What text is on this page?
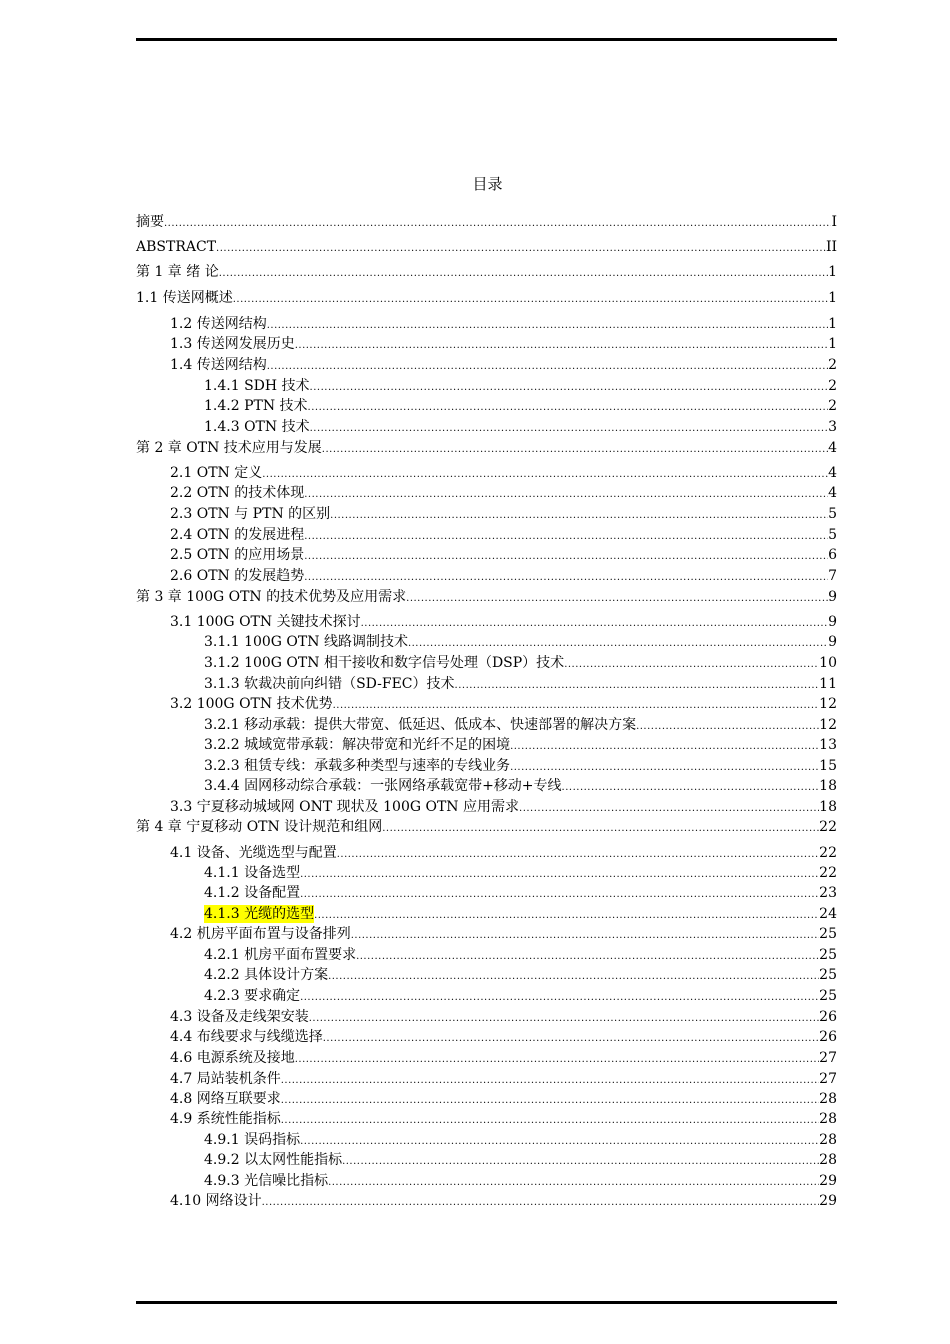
目录
摘要 .....	I
ABSTRACT .....	II
第 1 章 绪 论 .....	1
1.1 传送网概述 .....	1
1.2 传送网结构 .....	1
1.3 传送网发展历史 .....	1
1.4 传送网结构 .....	2
1.4.1 SDH 技术 .....	2
1.4.2 PTN 技术 .....	2
1.4.3 OTN 技术 .....	3
第 2 章 OTN 技术应用与发展 .....	4
2.1 OTN 定义 .....	4
2.2 OTN 的技术体现 .....	4
2.3 OTN 与 PTN 的区别 .....	5
2.4 OTN 的发展进程 .....	5
2.5 OTN 的应用场景 .....	6
2.6 OTN 的发展趋势 .....	7
第 3 章 100G OTN 的技术优势及应用需求 .....	9
3.1 100G OTN 关键技术探讨 .....	9
3.1.1 100G OTN 线路调制技术 .....	9
3.1.2 100G OTN 相干接收和数字信号处理（DSP）技术 .....	10
3.1.3 软裁决前向纠错（SD-FEC）技术 .....	11
3.2 100G OTN 技术优势 .....	12
3.2.1 移动承载：提供大带宽、低延迟、低成本、快速部署的解决方案 .....	12
3.2.2 城域宽带承载：解决带宽和光纤不足的困境 .....	13
3.2.3 租赁专线：承载多种类型与速率的专线业务 .....	15
3.4.4 固网移动综合承载：一张网络承载宽带+移动+专线 .....	18
3.3 宁夏移动城域网 ONT 现状及 100G OTN 应用需求 .....	18
第 4 章 宁夏移动 OTN 设计规范和组网 .....	22
4.1 设备、光缆选型与配置 .....	22
4.1.1 设备选型 .....	22
4.1.2 设备配置 .....	23
4.1.3 光缆的选型 .....	24
4.2 机房平面布置与设备排列 .....	25
4.2.1 机房平面布置要求 .....	25
4.2.2 具体设计方案 .....	25
4.2.3 要求确定 .....	25
4.3 设备及走线架安装 .....	26
4.4 布线要求与线缆选择 .....	26
4.6 电源系统及接地 .....	27
4.7 局站装机条件 .....	27
4.8 网络互联要求 .....	28
4.9 系统性能指标 .....	28
4.9.1 误码指标 .....	28
4.9.2 以太网性能指标 .....	28
4.9.3 光信噪比指标 .....	29
4.10 网络设计 .....	29
